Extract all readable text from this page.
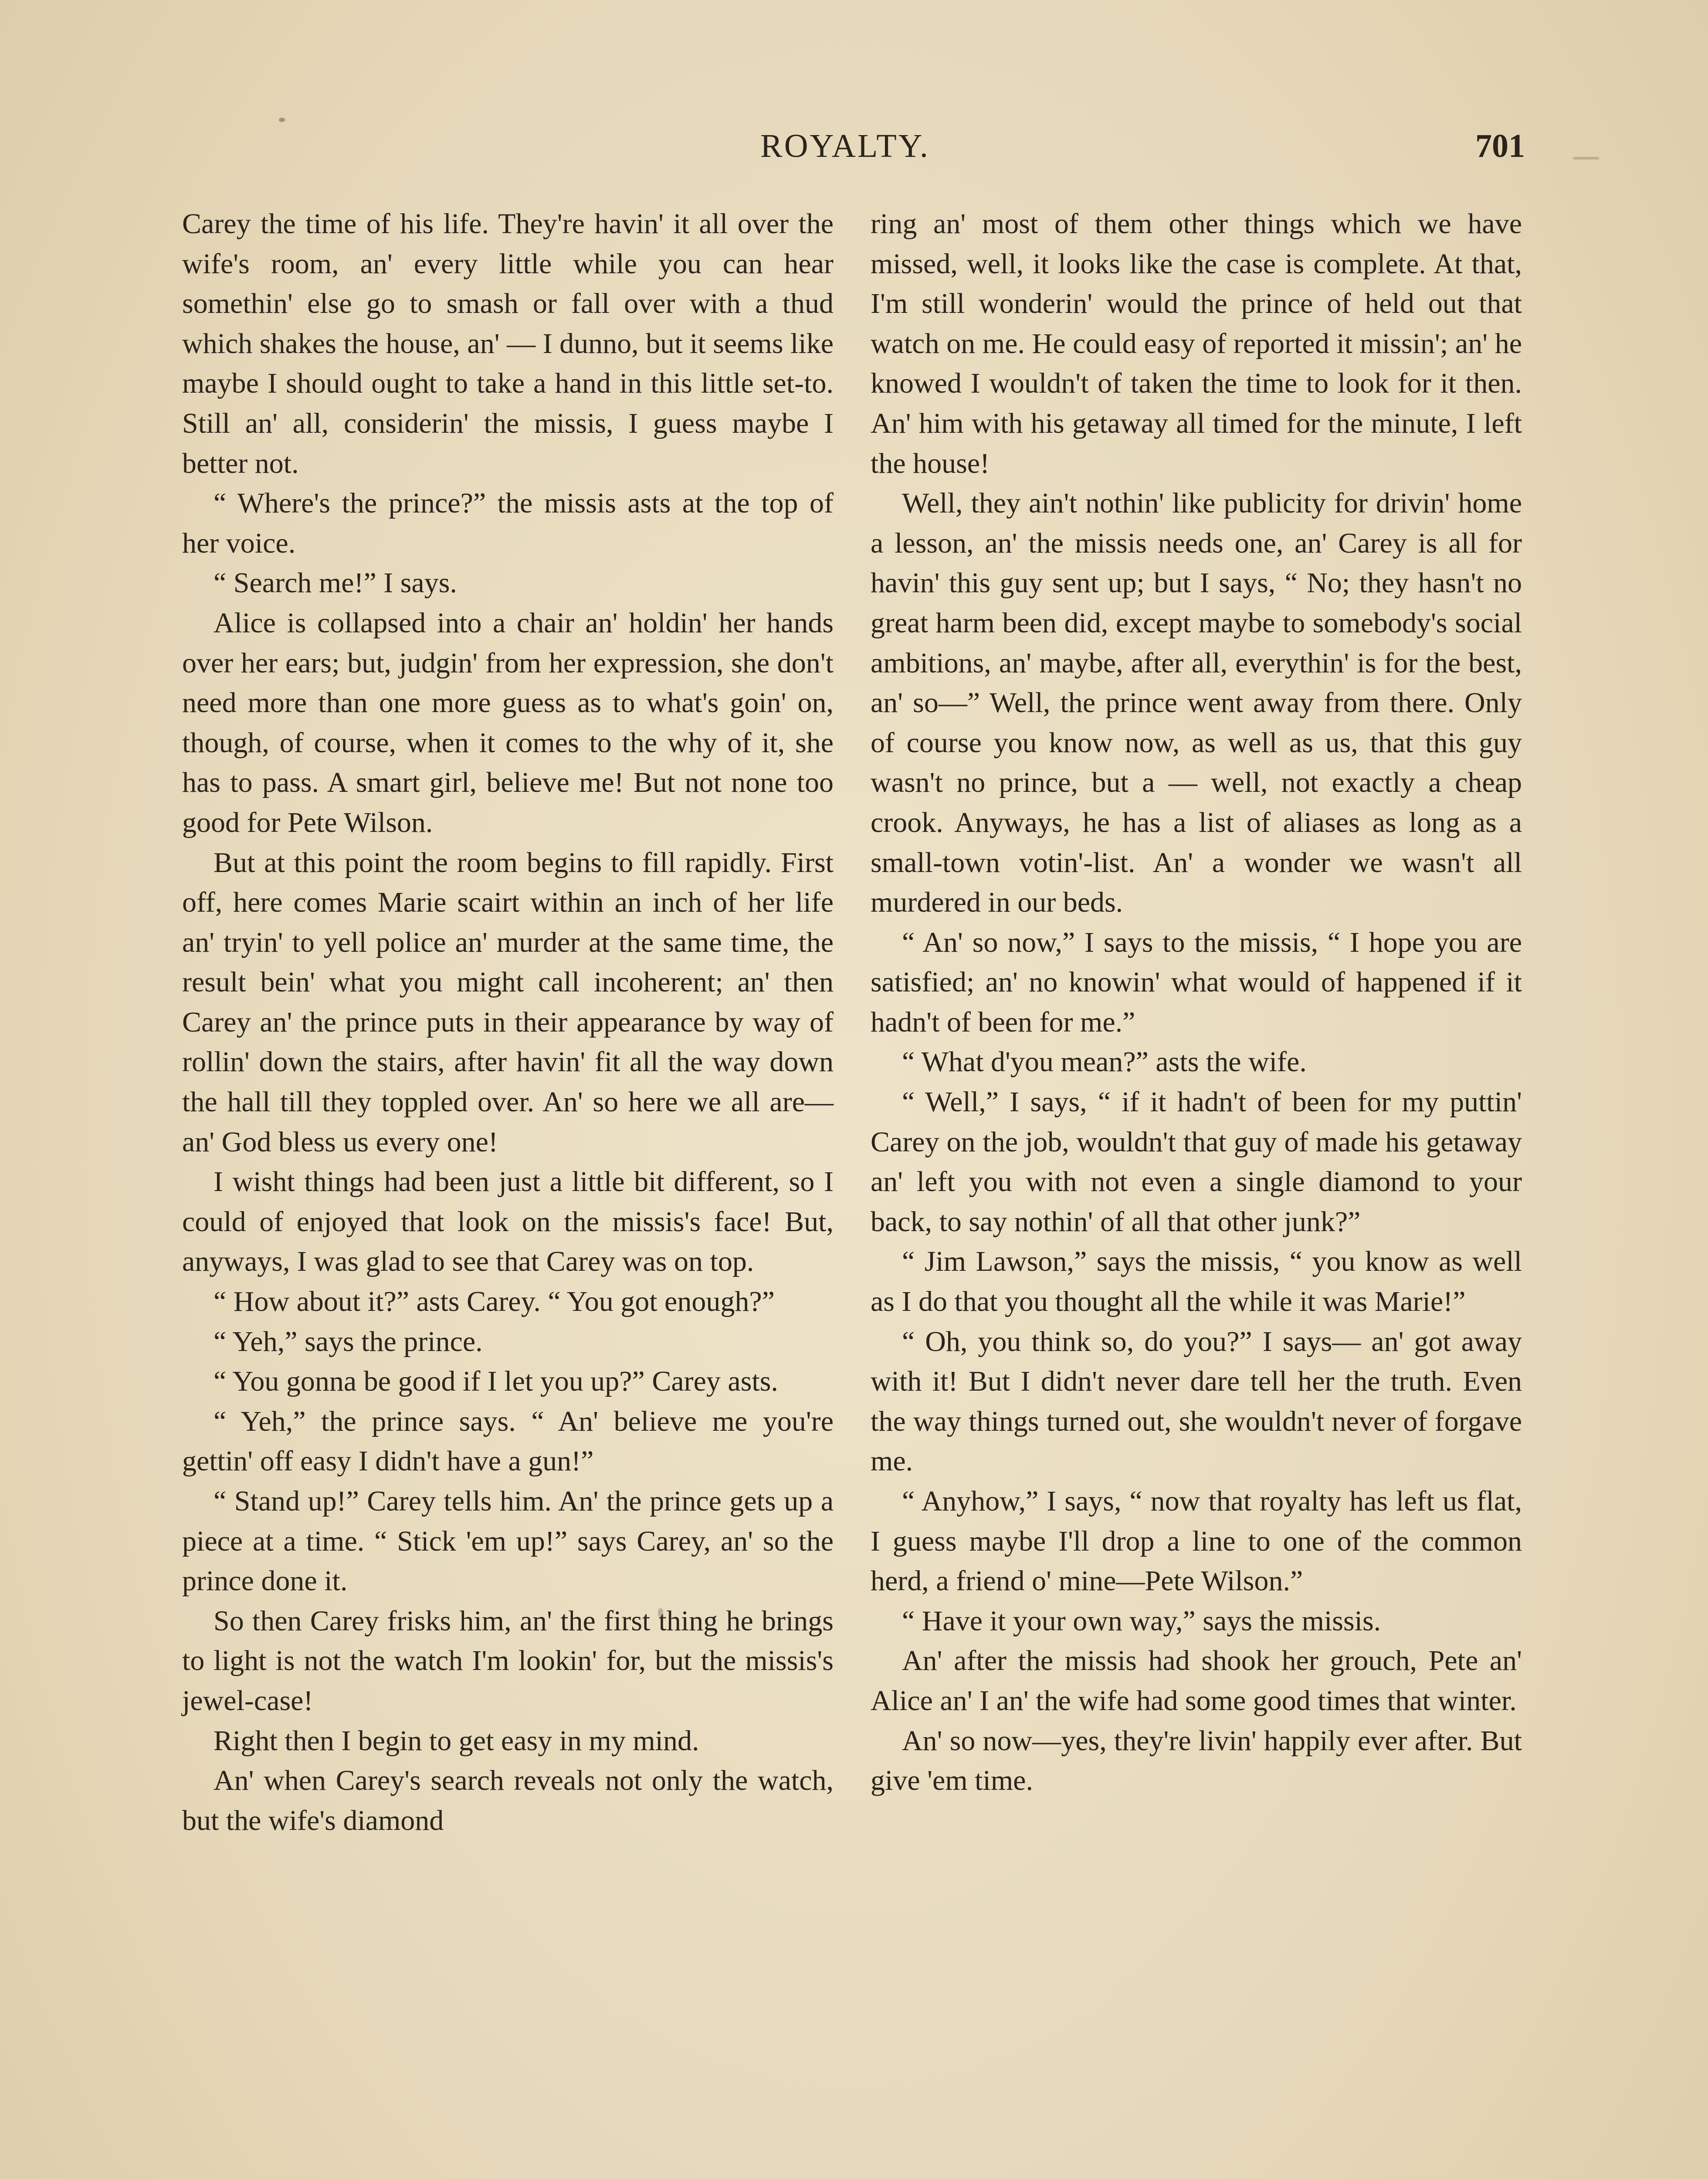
ROYALTY.	701

Carey the time of his life. They're havin' it all over the wife's room, an' every little while you can hear somethin' else go to smash or fall over with a thud which shakes the house, an' — I dunno, but it seems like maybe I should ought to take a hand in this little set-to. Still an' all, considerin' the missis, I guess maybe I better not.

“ Where's the prince?” the missis asts at the top of her voice.

“ Search me!” I says.

Alice is collapsed into a chair an' holdin' her hands over her ears; but, judgin' from her expression, she don't need more than one more guess as to what's goin' on, though, of course, when it comes to the why of it, she has to pass. A smart girl, believe me! But not none too good for Pete Wilson.

But at this point the room begins to fill rapidly. First off, here comes Marie scairt within an inch of her life an' tryin' to yell police an' murder at the same time, the result bein' what you might call incoherent; an' then Carey an' the prince puts in their appearance by way of rollin' down the stairs, after havin' fit all the way down the hall till they toppled over. An' so here we all are—an' God bless us every one!

I wisht things had been just a little bit different, so I could of enjoyed that look on the missis's face! But, anyways, I was glad to see that Carey was on top.

“ How about it?” asts Carey. “ You got enough?”

“ Yeh,” says the prince.

“ You gonna be good if I let you up?” Carey asts.

“ Yeh,” the prince says. “ An' believe me you're gettin' off easy I didn't have a gun!”

“ Stand up!” Carey tells him. An' the prince gets up a piece at a time. “ Stick 'em up!” says Carey, an' so the prince done it.

So then Carey frisks him, an' the first thing he brings to light is not the watch I'm lookin' for, but the missis's jewel-case!

Right then I begin to get easy in my mind.

An' when Carey's search reveals not only the watch, but the wife's diamond

ring an' most of them other things which we have missed, well, it looks like the case is complete. At that, I'm still wonderin' would the prince of held out that watch on me. He could easy of reported it missin'; an' he knowed I wouldn't of taken the time to look for it then. An' him with his getaway all timed for the minute, I left the house!

Well, they ain't nothin' like publicity for drivin' home a lesson, an' the missis needs one, an' Carey is all for havin' this guy sent up; but I says, “ No; they hasn't no great harm been did, except maybe to somebody's social ambitions, an' maybe, after all, everythin' is for the best, an' so—” Well, the prince went away from there. Only of course you know now, as well as us, that this guy wasn't no prince, but a — well, not exactly a cheap crook. Anyways, he has a list of aliases as long as a small-town votin'-list. An' a wonder we wasn't all murdered in our beds.

“ An' so now,” I says to the missis, “ I hope you are satisfied; an' no knowin' what would of happened if it hadn't of been for me.”

“ What d'you mean?” asts the wife.

“ Well,” I says, “ if it hadn't of been for my puttin' Carey on the job, wouldn't that guy of made his getaway an' left you with not even a single diamond to your back, to say nothin' of all that other junk?”

“ Jim Lawson,” says the missis, “ you know as well as I do that you thought all the while it was Marie!”

“ Oh, you think so, do you?” I says— an' got away with it! But I didn't never dare tell her the truth. Even the way things turned out, she wouldn't never of forgave me.

“ Anyhow,” I says, “ now that royalty has left us flat, I guess maybe I'll drop a line to one of the common herd, a friend o' mine—Pete Wilson.”

“ Have it your own way,” says the missis.

An' after the missis had shook her grouch, Pete an' Alice an' I an' the wife had some good times that winter.

An' so now—yes, they're livin' happily ever after. But give 'em time.
